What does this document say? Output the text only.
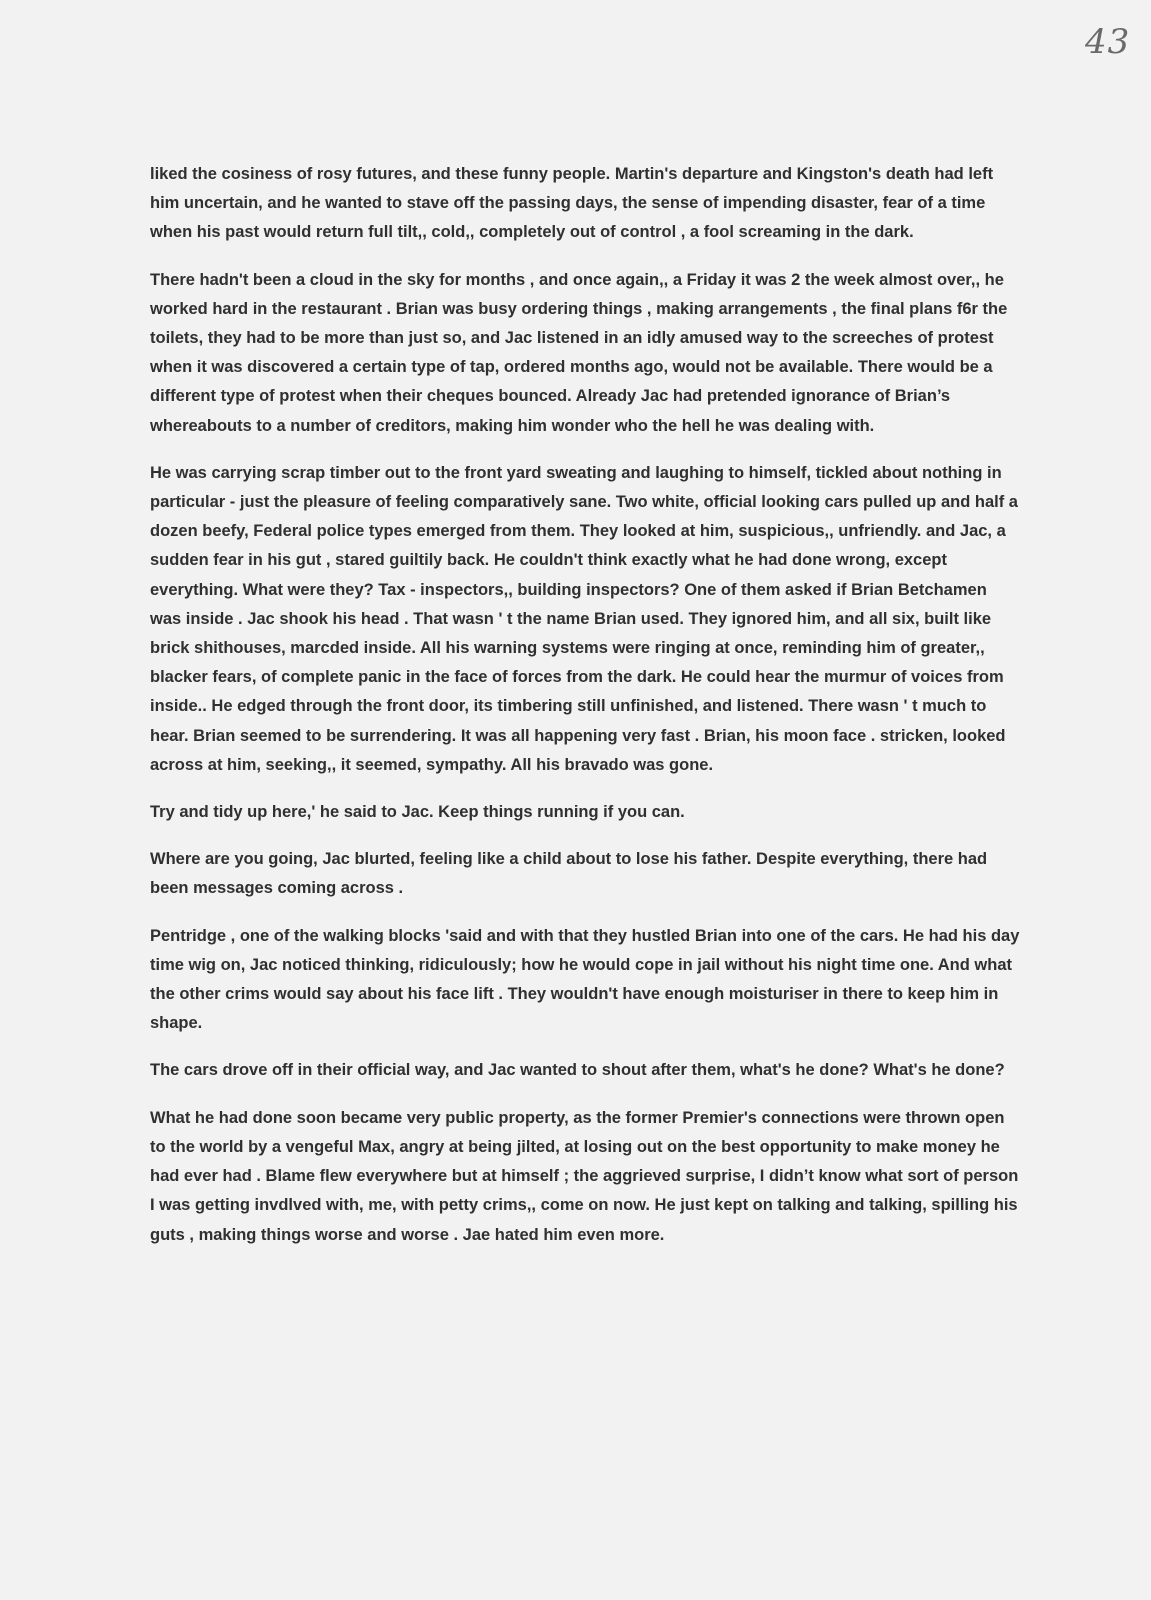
43

liked the cosiness of rosy futures, and these funny people. Martin's departure and Kingston's death had left him uncertain, and he wanted to stave off the passing days, the sense of impending disaster, fear of a time when his past would return full tilt,, cold,, completely out of control , a fool screaming in the dark.

There hadn't been a cloud in the sky for months , and once again,, a Friday it was 2 the week almost over,, he worked hard in the restaurant . Brian was busy ordering things , making arrangements , the final plans f6r the toilets, they had to be more than just so, and Jac listened in an idly amused way to the screeches of protest when it was discovered a certain type of tap, ordered months ago, would not be available. There would be a different type of protest when their cheques bounced. Already Jac had pretended ignorance of Brian’s whereabouts to a number of creditors, making him wonder who the hell he was dealing with.

He was carrying scrap timber out to the front yard sweating and laughing to himself, tickled about nothing in particular - just the pleasure of feeling comparatively sane. Two white, official looking cars pulled up and half a dozen beefy, Federal police types emerged from them. They looked at him, suspicious,, unfriendly. and Jac, a sudden fear in his gut , stared guiltily back. He couldn't think exactly what he had done wrong, except everything. What were they? Tax - inspectors,, building inspectors? One of them asked if Brian Betchamen was inside . Jac shook his head . That wasn ' t the name Brian used. They ignored him, and all six, built like brick shithouses, marcded inside. All his warning systems were ringing at once, reminding him of greater,, blacker fears, of complete panic in the face of forces from the dark. He could hear the murmur of voices from inside.. He edged through the front door, its timbering still unfinished, and listened. There wasn ' t much to hear. Brian seemed to be surrendering. It was all happening very fast . Brian, his moon face . stricken, looked across at him, seeking,, it seemed, sympathy. All his bravado was gone.

Try and tidy up here,' he said to Jac. Keep things running if you can.

Where are you going, Jac blurted, feeling like a child about to lose his father. Despite everything, there had been messages coming across .

Pentridge , one of the walking blocks 'said and with that they hustled Brian into one of the cars. He had his day time wig on, Jac noticed thinking, ridiculously; how he would cope in jail without his night time one. And what the other crims would say about his face lift . They wouldn't have enough moisturiser in there to keep him in shape.

The cars drove off in their official way, and Jac wanted to shout after them, what's he done? What's he done?

What he had done soon became very public property, as the former Premier's connections were thrown open to the world by a vengeful Max, angry at being jilted, at losing out on the best opportunity to make money he had ever had . Blame flew everywhere but at himself ; the aggrieved surprise, I didn’t know what sort of person I was getting invdlved with, me, with petty crims,, come on now. He just kept on talking and talking, spilling his guts , making things worse and worse . Jae hated him even more.
